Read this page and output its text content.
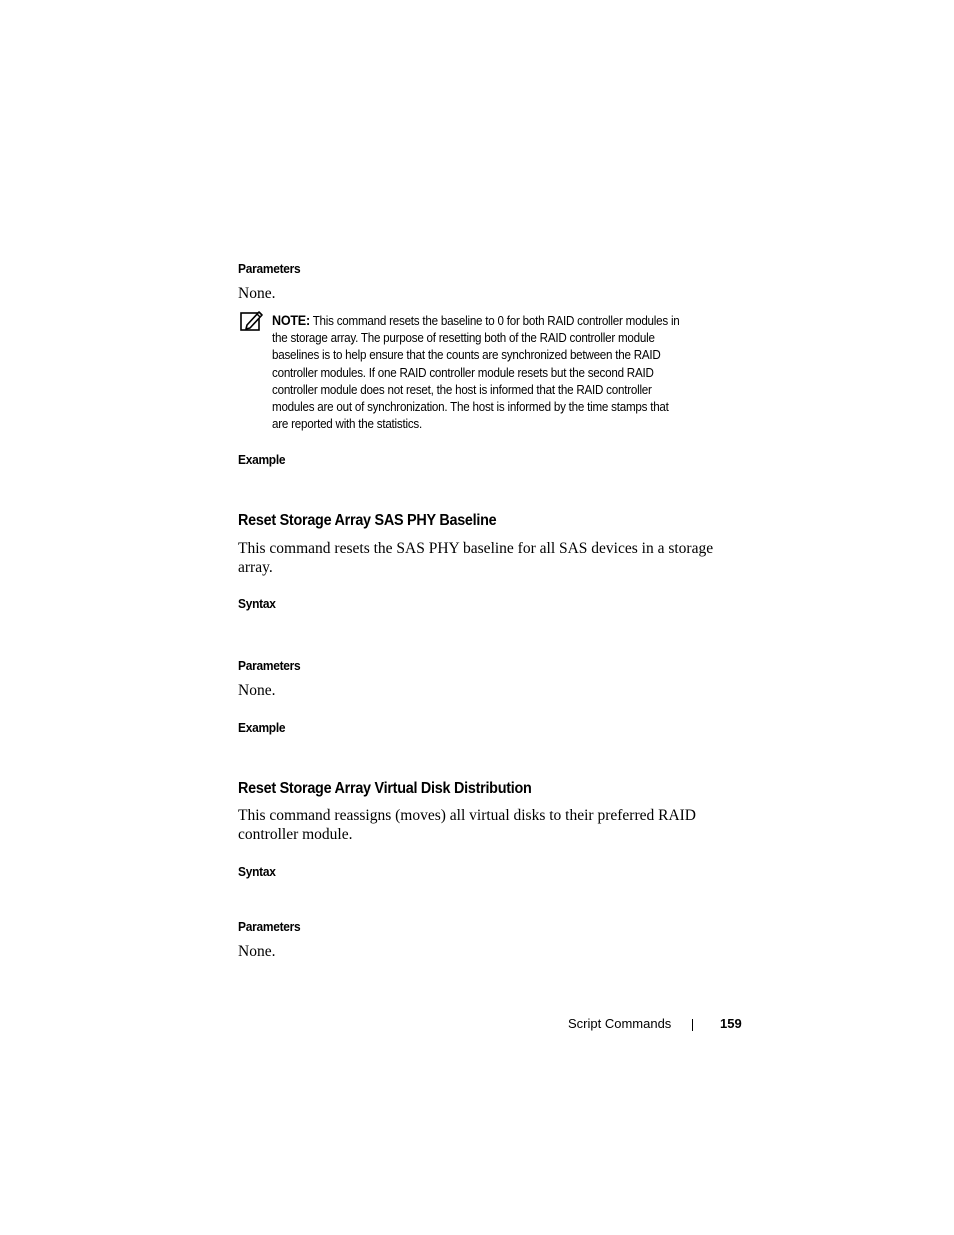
Parameters
None.
NOTE: This command resets the baseline to 0 for both RAID controller modules in
the storage array. The purpose of resetting both of the RAID controller module
baselines is to help ensure that the counts are synchronized between the RAID
controller modules. If one RAID controller module resets but the second RAID
controller module does not reset, the host is informed that the RAID controller
modules are out of synchronization. The host is informed by the time stamps that
are reported with the statistics.
Example
Reset Storage Array SAS PHY Baseline
This command resets the SAS PHY baseline for all SAS devices in a storage
array.
Syntax
Parameters
None.
Example
Reset Storage Array Virtual Disk Distribution
This command reassigns (moves) all virtual disks to their preferred RAID
controller module.
Syntax
Parameters
None.
Script Commands	159
